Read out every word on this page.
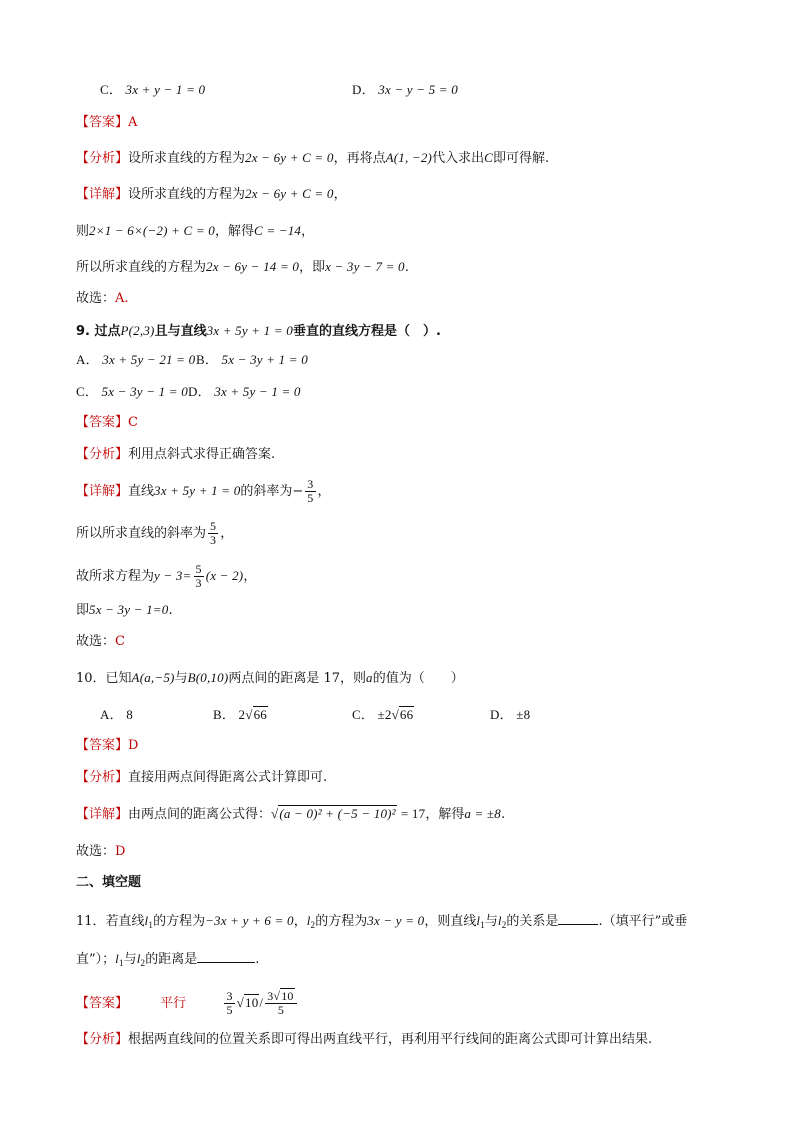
C． 3x + y − 1 = 0	D． 3x − y − 5 = 0
【答案】A
【分析】设所求直线的方程为2x − 6y + C = 0，再将点A(1, −2)代入求出C即可得解.
【详解】设所求直线的方程为2x − 6y + C = 0，
则2×1 − 6×(−2) + C = 0，解得C = −14，
所以所求直线的方程为2x − 6y − 14 = 0，即x − 3y − 7 = 0.
故选：A.
9. 过点P(2,3)且与直线3x + 5y + 1 = 0垂直的直线方程是（　）.
A． 3x + 5y − 21 = 0 B． 5x − 3y + 1 = 0
C． 5x − 3y − 1 = 0 D． 3x + 5y − 1 = 0
【答案】C
【分析】利用点斜式求得正确答案.
【详解】直线3x + 5y + 1 = 0的斜率为− $\frac{3}{5}$ ，
所以所求直线的斜率为 $\frac{5}{3}$ ，
故所求方程为$y - 3= \frac{5}{3} (x - 2)$，
即5x − 3y − 1=0.
故选：C
10．已知A(a,−5)与B(0,10)两点间的距离是 17，则a的值为（　　）
A． 8	B． 2√66	C． ±2√66	D． ±8
【答案】D
【分析】直接用两点间得距离公式计算即可.
【详解】由两点间的距离公式得：√(a − 0)² + (−5 − 10)² = 17，解得a = ±8.
故选：D
二、填空题
11．若直线$l_1$的方程为−3x + y + 6 = 0，$l_2$的方程为3x − y = 0，则直线$l_1$与$l_2$的关系是	.（填平行”或垂
直”）；$l_1$与$l_2$的距离是	.
【答案】 平行	$\frac{3}{5} √10/ \frac{3√10}{5}$
【分析】根据两直线间的位置关系即可得出两直线平行，再利用平行线间的距离公式即可计算出结果.
